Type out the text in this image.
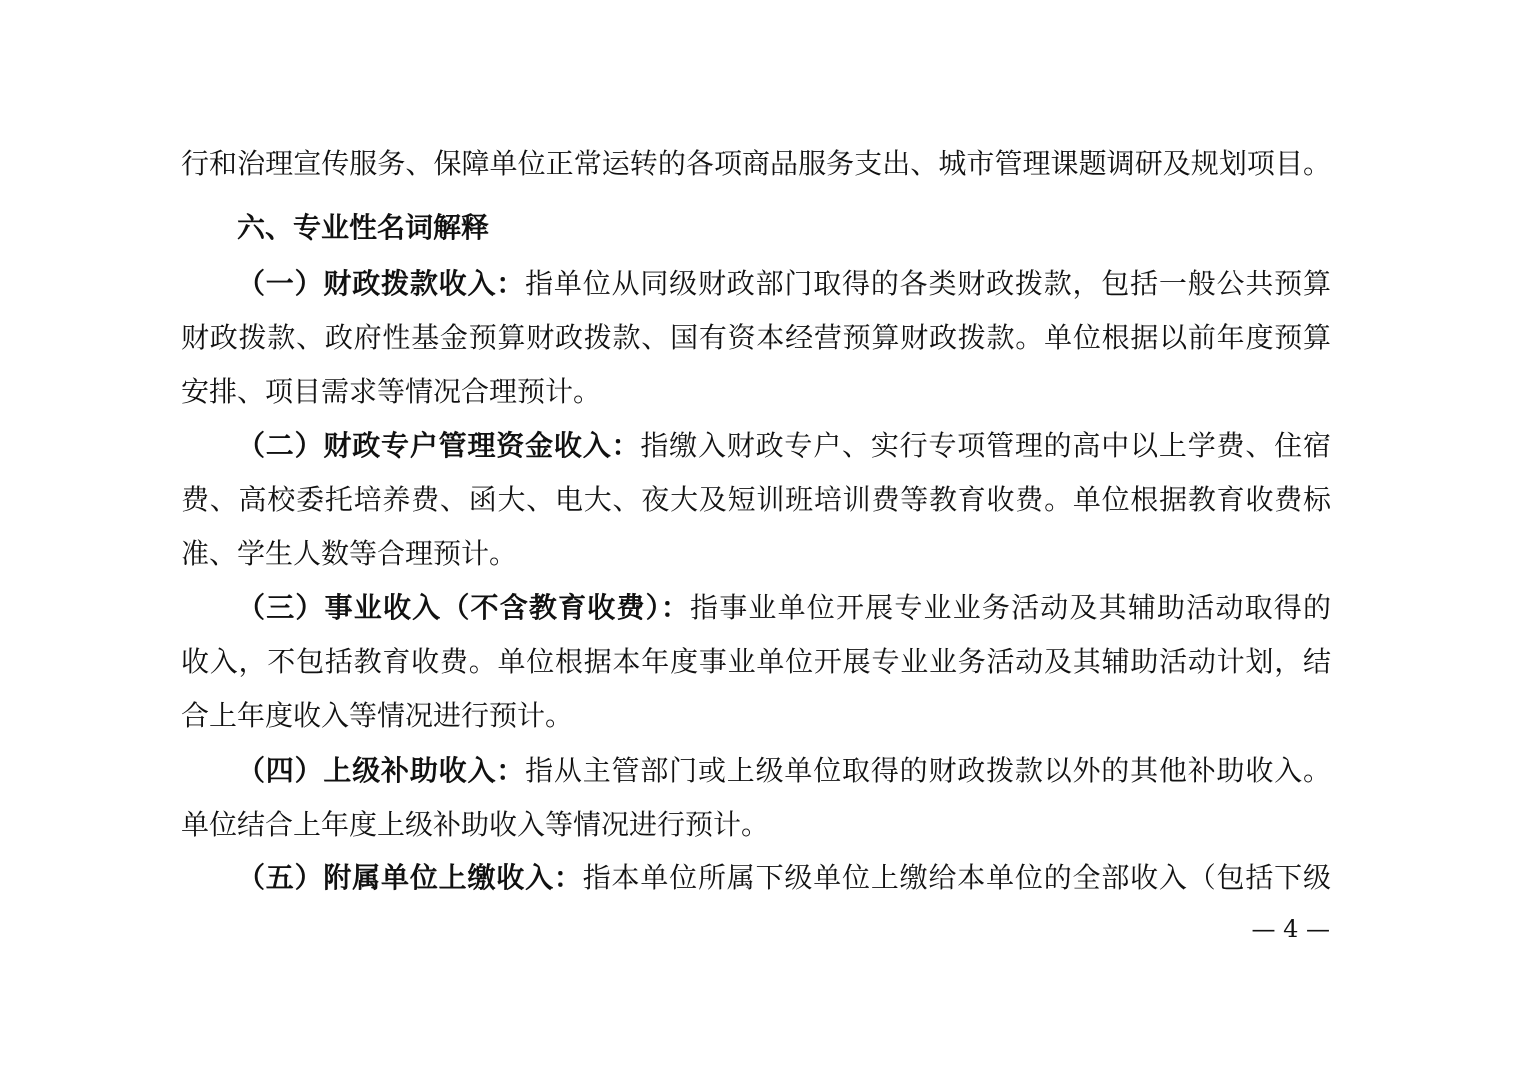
行和治理宣传服务、保障单位正常运转的各项商品服务支出、城市管理课题调研及规划项目。
六、专业性名词解释
（一）财政拨款收入：指单位从同级财政部门取得的各类财政拨款，包括一般公共预算
财政拨款、政府性基金预算财政拨款、国有资本经营预算财政拨款。单位根据以前年度预算
安排、项目需求等情况合理预计。
（二）财政专户管理资金收入：指缴入财政专户、实行专项管理的高中以上学费、住宿
费、高校委托培养费、函大、电大、夜大及短训班培训费等教育收费。单位根据教育收费标
准、学生人数等合理预计。
（三）事业收入（不含教育收费）：指事业单位开展专业业务活动及其辅助活动取得的
收入，不包括教育收费。单位根据本年度事业单位开展专业业务活动及其辅助活动计划，结
合上年度收入等情况进行预计。
（四）上级补助收入：指从主管部门或上级单位取得的财政拨款以外的其他补助收入。
单位结合上年度上级补助收入等情况进行预计。
（五）附属单位上缴收入：指本单位所属下级单位上缴给本单位的全部收入（包括下级
— 4 —
